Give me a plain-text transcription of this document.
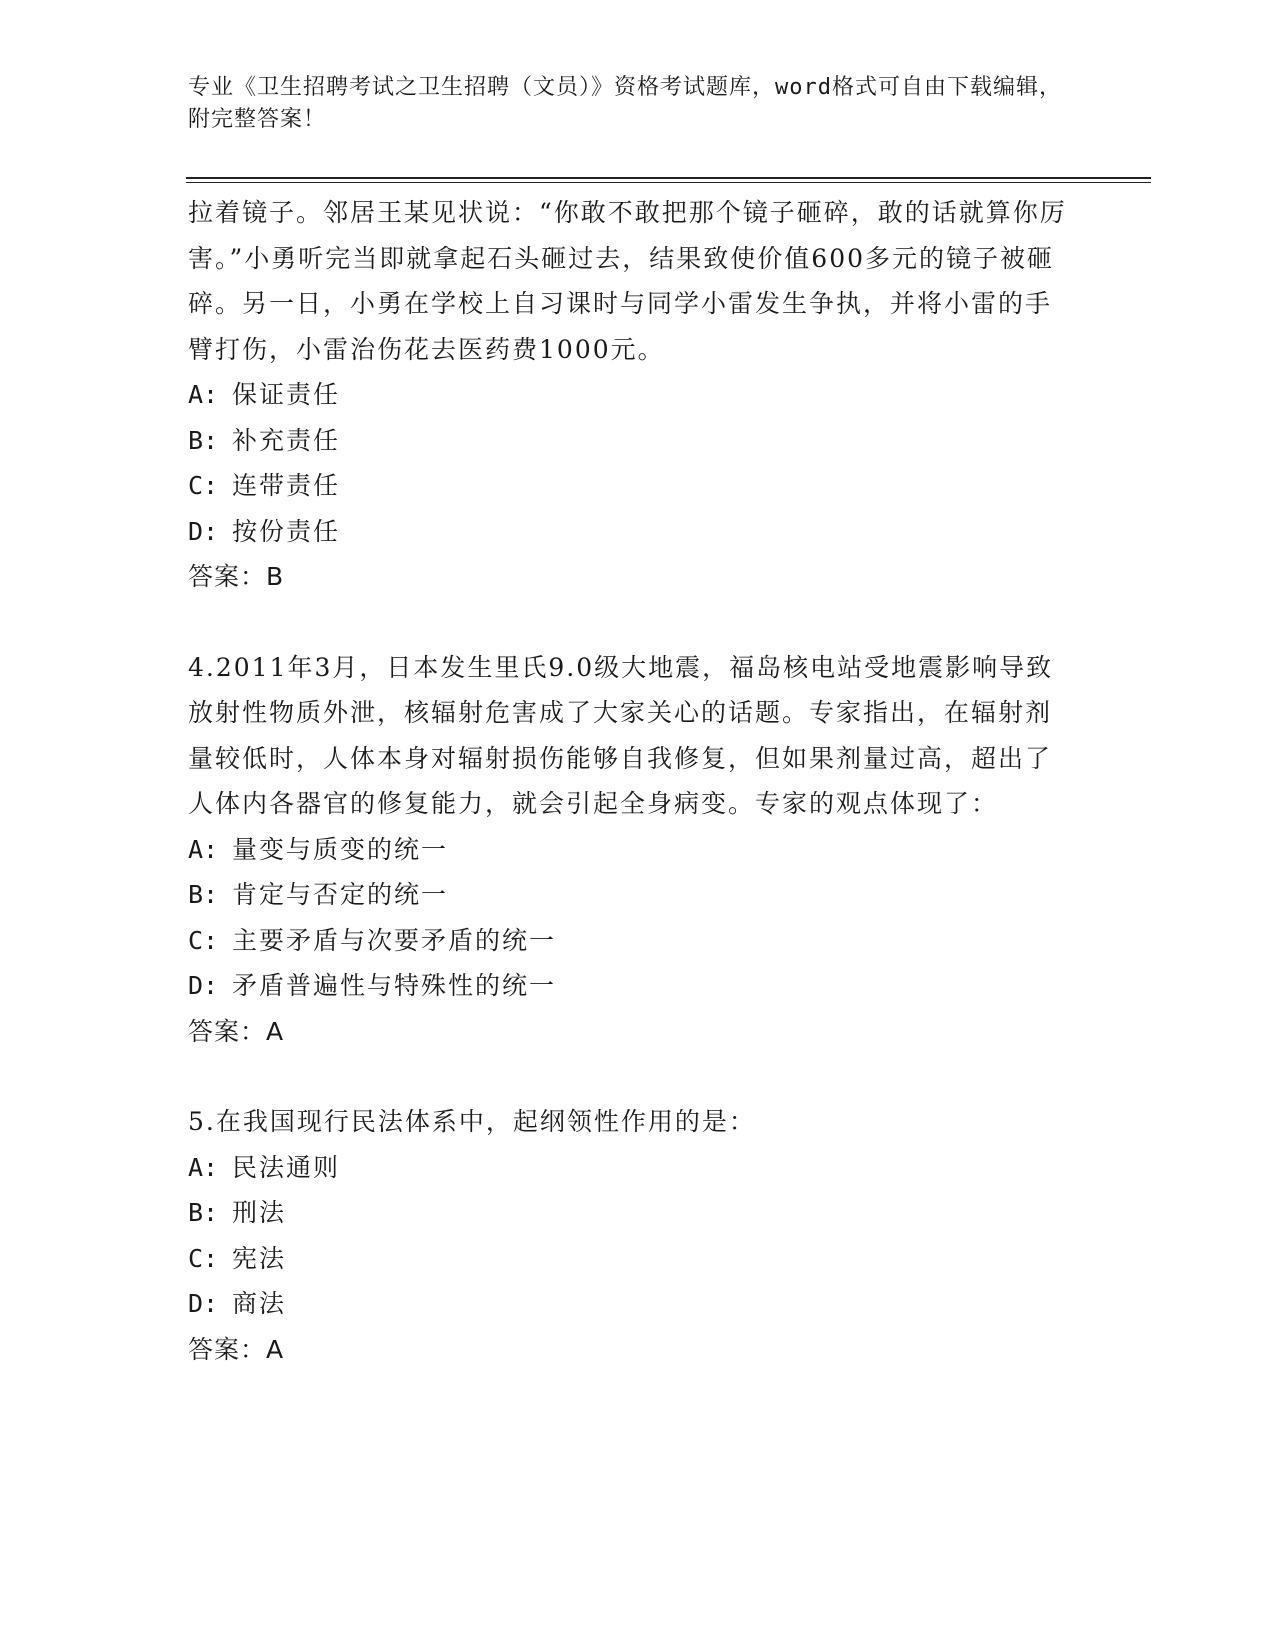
专业《卫生招聘考试之卫生招聘（文员）》资格考试题库，word格式可自由下载编辑，附完整答案！

拉着镜子。邻居王某见状说：“你敢不敢把那个镜子砸碎，敢的话就算你厉害。”小勇听完当即就拿起石头砸过去，结果致使价值600多元的镜子被砸碎。另一日，小勇在学校上自习课时与同学小雷发生争执，并将小雷的手臂打伤，小雷治伤花去医药费1000元。

A: 保证责任

B: 补充责任

C: 连带责任

D: 按份责任

答案：B

4.2011年3月，日本发生里氏9.0级大地震，福岛核电站受地震影响导致放射性物质外泄，核辐射危害成了大家关心的话题。专家指出，在辐射剂量较低时，人体本身对辐射损伤能够自我修复，但如果剂量过高，超出了人体内各器官的修复能力，就会引起全身病变。专家的观点体现了：

A: 量变与质变的统一

B: 肯定与否定的统一

C: 主要矛盾与次要矛盾的统一

D: 矛盾普遍性与特殊性的统一

答案：A

5.在我国现行民法体系中，起纲领性作用的是：

A: 民法通则

B: 刑法

C: 宪法

D: 商法

答案：A
